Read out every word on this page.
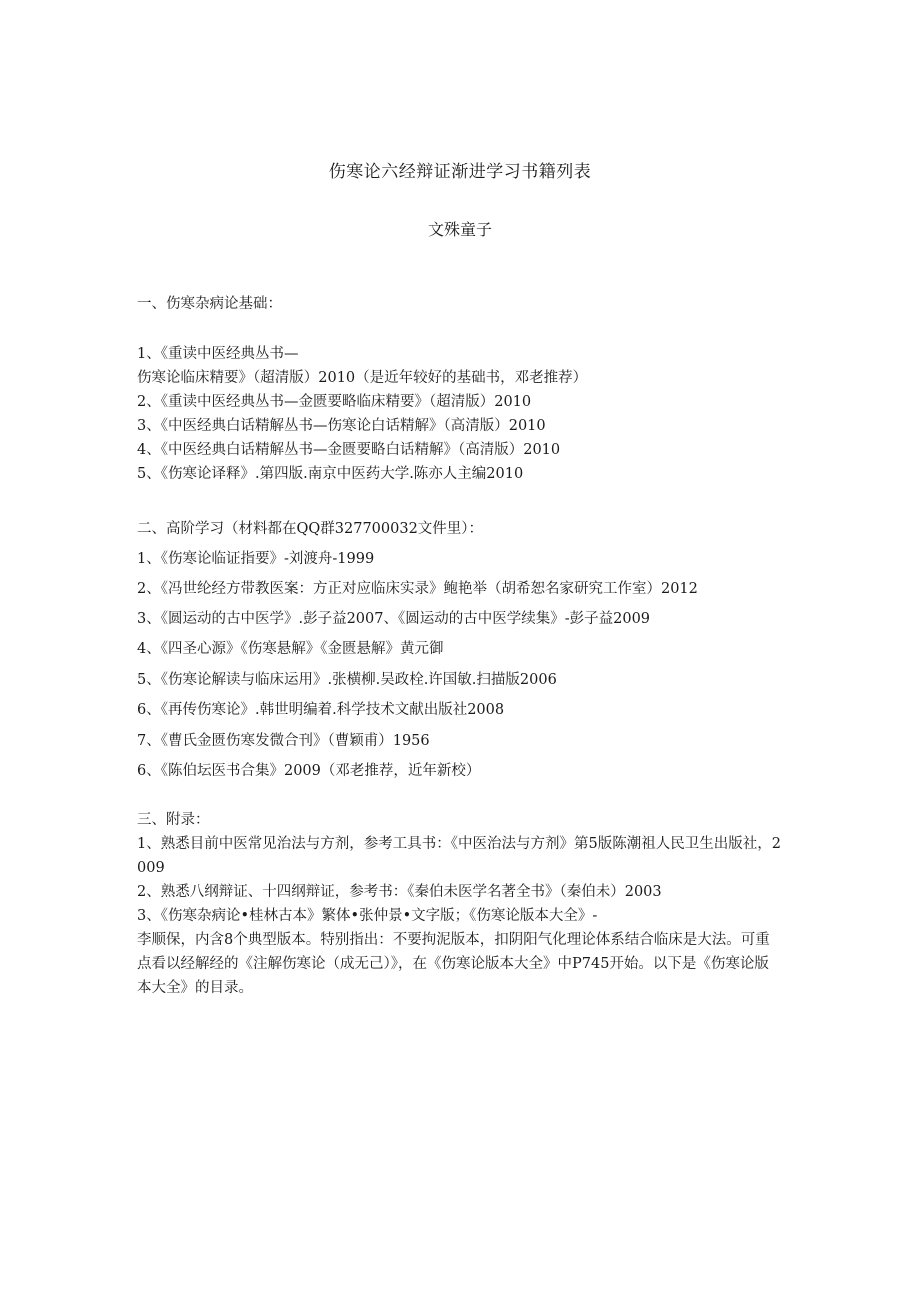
伤寒论六经辩证渐进学习书籍列表
文殊童子
一、伤寒杂病论基础：
1、《重读中医经典丛书—
伤寒论临床精要》（超清版）2010（是近年较好的基础书，邓老推荐）
2、《重读中医经典丛书—金匮要略临床精要》（超清版）2010
3、《中医经典白话精解丛书—伤寒论白话精解》（高清版）2010
4、《中医经典白话精解丛书—金匮要略白话精解》（高清版）2010
5、《伤寒论译释》.第四版.南京中医药大学.陈亦人主编2010
二、高阶学习（材料都在QQ群327700032文件里）：
1、《伤寒论临证指要》-刘渡舟-1999
2、《冯世纶经方带教医案：方正对应临床实录》鲍艳举（胡希恕名家研究工作室）2012
3、《圆运动的古中医学》.彭子益2007、《圆运动的古中医学续集》-彭子益2009
4、《四圣心源》《伤寒悬解》《金匮悬解》黄元御
5、《伤寒论解读与临床运用》.张横柳.吴政栓.许国敏.扫描版2006
6、《再传伤寒论》.韩世明编着.科学技术文献出版社2008
7、《曹氏金匮伤寒发微合刊》（曹颖甫）1956
6、《陈伯坛医书合集》2009（邓老推荐，近年新校）
三、附录：
1、熟悉目前中医常见治法与方剂，参考工具书：《中医治法与方剂》第5版陈潮祖人民卫生出版社，2009
2、熟悉八纲辩证、十四纲辩证，参考书：《秦伯未医学名著全书》（秦伯未）2003
3、《伤寒杂病论•桂林古本》繁体•张仲景•文字版；《伤寒论版本大全》-
李顺保，内含8个典型版本。特别指出：不要拘泥版本，扣阴阳气化理论体系结合临床是大法。可重点看以经解经的《注解伤寒论（成无己）》，在《伤寒论版本大全》中P745开始。以下是《伤寒论版本大全》的目录。
